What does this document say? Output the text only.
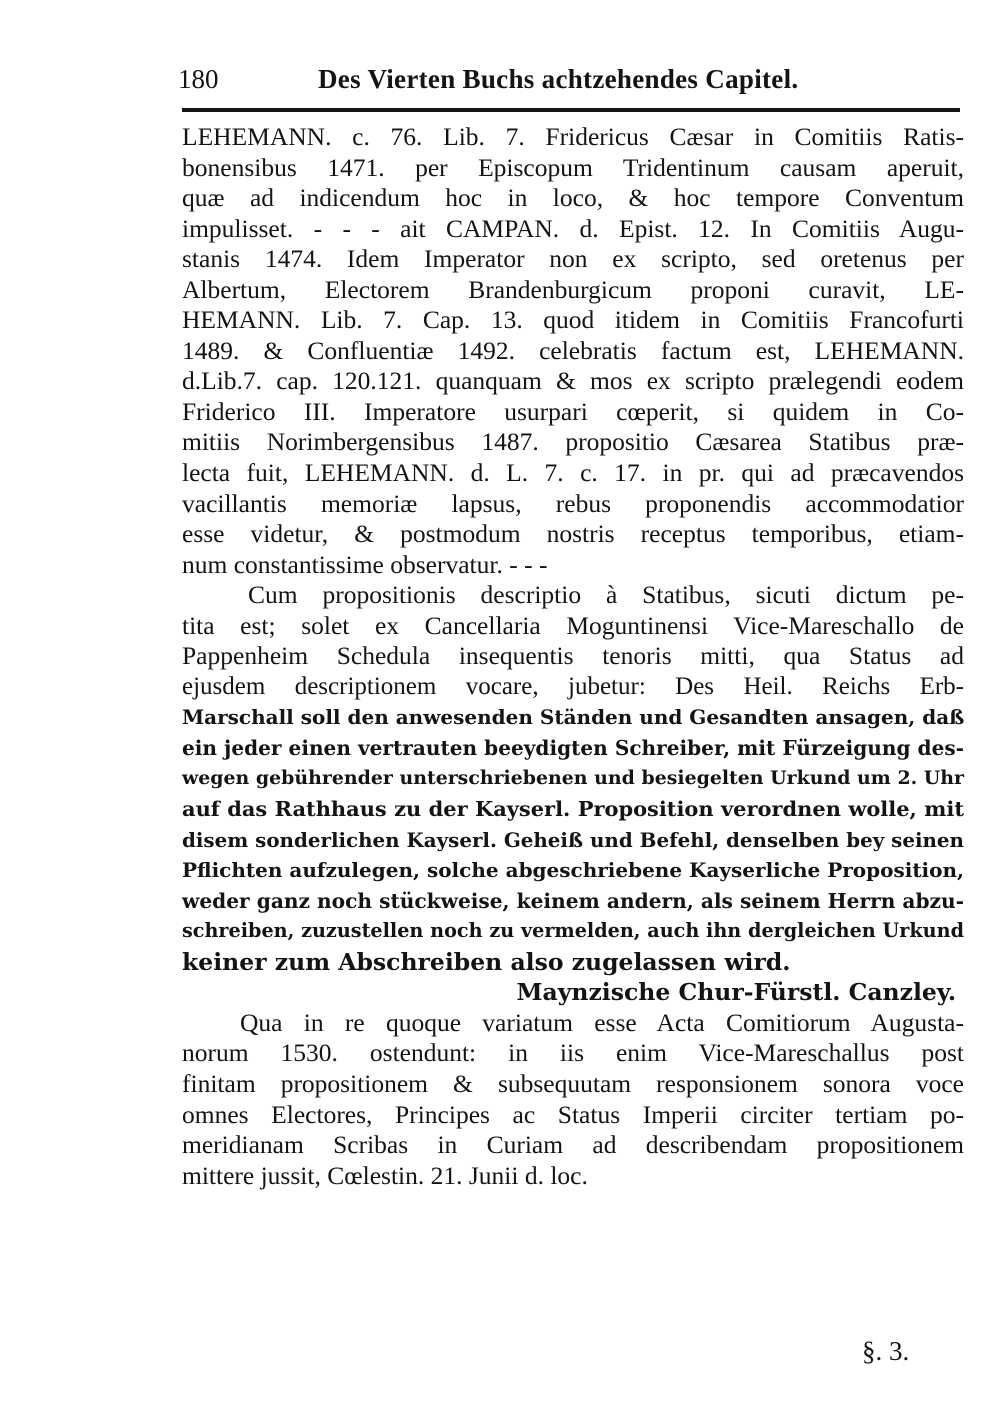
180	Des Vierten Buchs achtzehendes Capitel.
LEHEMANN. c. 76. Lib. 7. Fridericus Cæsar in Comitiis Ratis-
bonensibus 1471. per Episcopum Tridentinum causam aperuit,
quæ ad indicendum hoc in loco, & hoc tempore Conventum
impulisset. - - - ait CAMPAN. d. Epist. 12. In Comitiis Augu-
stanis 1474. Idem Imperator non ex scripto, sed oretenus per
Albertum, Electorem Brandenburgicum proponi curavit, LE-
HEMANN. Lib. 7. Cap. 13. quod itidem in Comitiis Francofurti
1489. & Confluentiæ 1492. celebratis factum est, LEHEMANN.
d.Lib.7. cap. 120.121. quanquam & mos ex scripto prælegendi eodem
Friderico III. Imperatore usurpari cœperit, si quidem in Co-
mitiis Norimbergensibus 1487. propositio Cæsarea Statibus præ-
lecta fuit, LEHEMANN. d. L. 7. c. 17. in pr. qui ad præcavendos
vacillantis memoriæ lapsus, rebus proponendis accommodatior
esse videtur, & postmodum nostris receptus temporibus, etiam-
num constantissime observatur. - - -
Cum propositionis descriptio à Statibus, sicuti dictum pe-
tita est; solet ex Cancellaria Moguntinensi Vice-Mareschallo de
Pappenheim Schedula insequentis tenoris mitti, qua Status ad
ejusdem descriptionem vocare, jubetur: Des Heil. Reichs Erb-
Marschall soll den anwesenden Ständen und Gesandten ansagen, daß
ein jeder einen vertrauten beeydigten Schreiber, mit Fürzeigung des-
wegen gebührender unterschriebenen und besiegelten Urkund um 2. Uhr
auf das Rathhaus zu der Kayserl. Proposition verordnen wolle, mit
disem sonderlichen Kayserl. Geheiß und Befehl, denselben bey seinen
Pflichten aufzulegen, solche abgeschriebene Kayserliche Proposition,
weder ganz noch stückweise, keinem andern, als seinem Herrn abzu-
schreiben, zuzustellen noch zu vermelden, auch ihn dergleichen Urkund
keiner zum Abschreiben also zugelassen wird.
Maynzische Chur-Fürstl. Canzley.
Qua in re quoque variatum esse Acta Comitiorum Augusta-
norum 1530. ostendunt: in iis enim Vice-Mareschallus post
finitam propositionem & subsequutam responsionem sonora voce
omnes Electores, Principes ac Status Imperii circiter tertiam po-
meridianam Scribas in Curiam ad describendam propositionem
mittere jussit, Cœlestin. 21. Junii d. loc.
§. 3.
